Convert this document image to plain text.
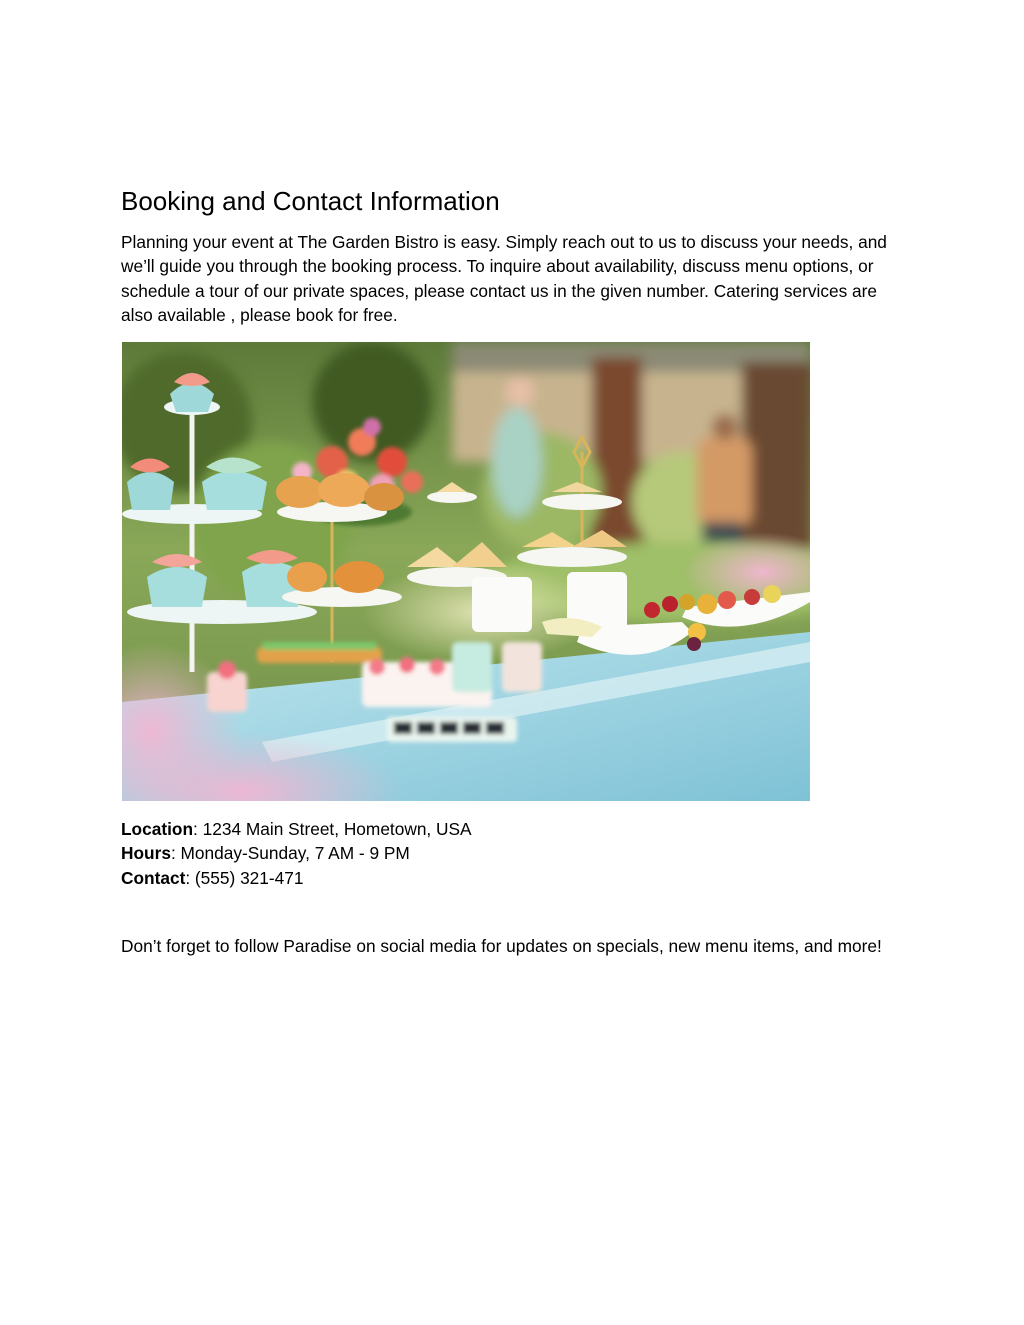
Booking and Contact Information

Planning your event at The Garden Bistro is easy. Simply reach out to us to discuss your needs, and we’ll guide you through the booking process. To inquire about availability, discuss menu options, or schedule a tour of our private spaces, please contact us in the given number. Catering services are also available , please book for free.

Location: 1234 Main Street, Hometown, USA

Hours: Monday-Sunday, 7 AM - 9 PM

Contact: (555) 321-471

Don’t forget to follow Paradise on social media for updates on specials, new menu items, and more!
